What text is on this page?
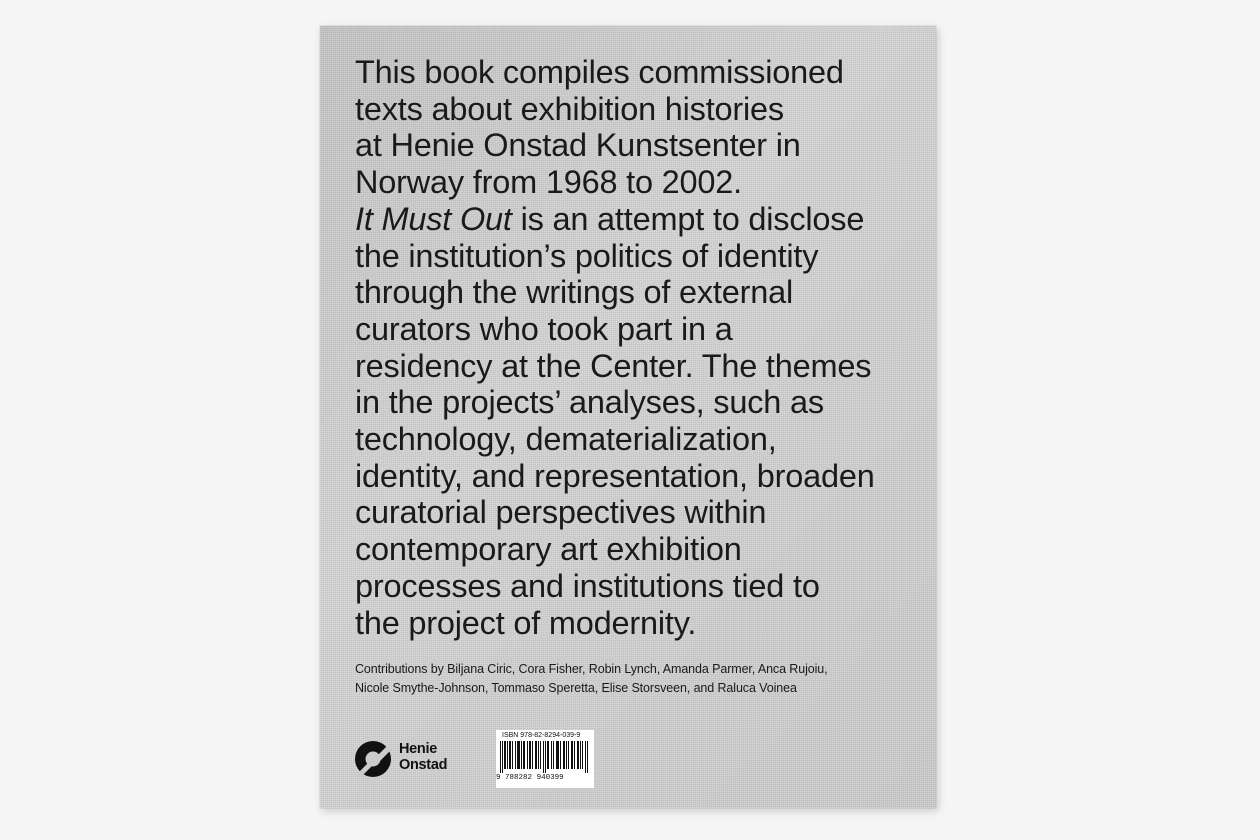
This book compiles commissioned
texts about exhibition histories
at Henie Onstad Kunstsenter in
Norway from 1968 to 2002.
It Must Out is an attempt to disclose
the institution’s politics of identity
through the writings of external
curators who took part in a
residency at the Center. The themes
in the projects’ analyses, such as
technology, dematerialization,
identity, and representation, broaden
curatorial perspectives within
contemporary art exhibition
processes and institutions tied to
the project of modernity.

Contributions by Biljana Ciric, Cora Fisher, Robin Lynch, Amanda Parmer, Anca Rujoiu,
Nicole Smythe-Johnson, Tommaso Speretta, Elise Storsveen, and Raluca Voinea

Henie
Onstad
ISBN 978-82-8294-039-9
9 788282 940399
